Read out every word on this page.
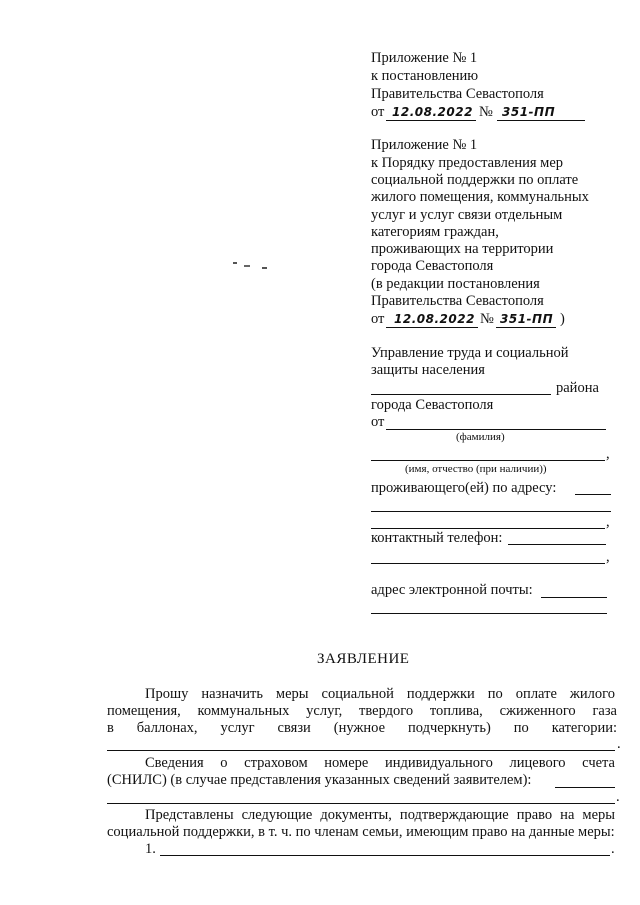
Приложение № 1
к постановлению
Правительства Севастополя
от 12.08.2022 № 351-ПП
Приложение № 1
к Порядку предоставления мер
социальной поддержки по оплате
жилого помещения, коммунальных
услуг и услуг связи отдельным
категориям граждан,
проживающих на территории
города Севастополя
(в редакции постановления
Правительства Севастополя
от 12.08.2022 № 351-ПП )
Управление труда и социальной
защиты населения
района
города Севастополя
от
(фамилия)
,
(имя, отчество (при наличии))
проживающего(ей) по адресу:
,
контактный телефон:
,
адрес электронной почты:
ЗАЯВЛЕНИЕ
Прошу назначить меры социальной поддержки по оплате жилого
помещения, коммунальных услуг, твердого топлива, сжиженного газа
в баллонах, услуг связи (нужное подчеркнуть) по категории:
.
Сведения о страховом номере индивидуального лицевого счета
(СНИЛС) (в случае представления указанных сведений заявителем):
.
Представлены следующие документы, подтверждающие право на меры
социальной поддержки, в т. ч. по членам семьи, имеющим право на данные меры:
1.	.
